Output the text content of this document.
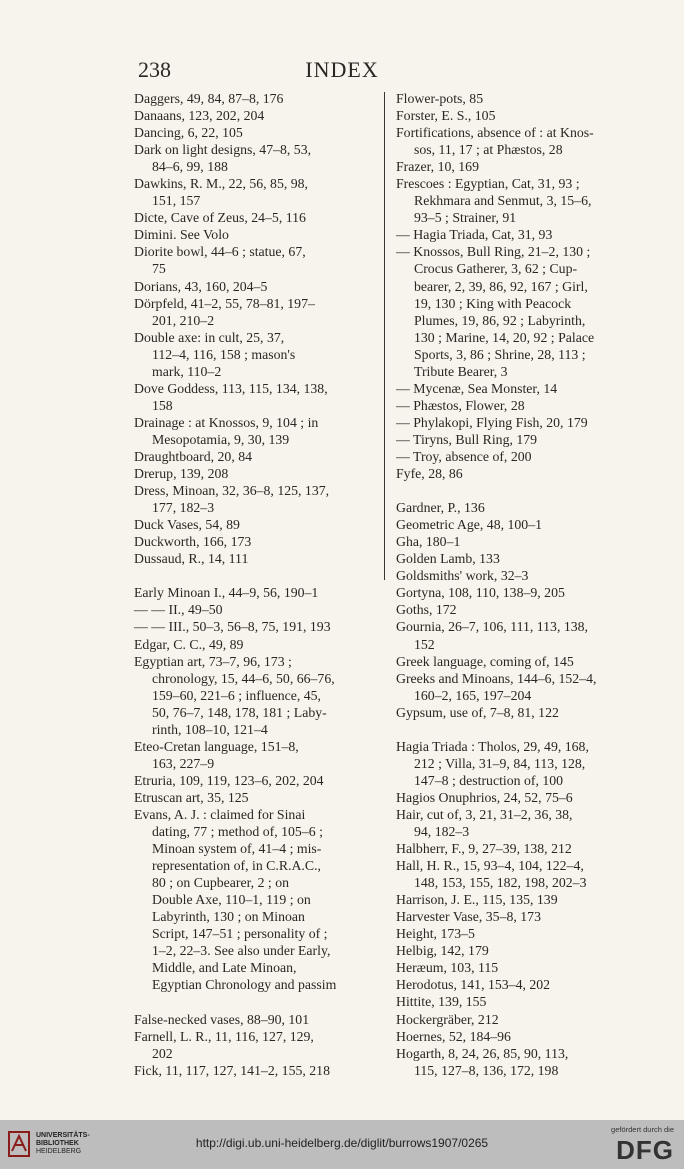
238	INDEX
Daggers, 49, 84, 87–8, 176
Danaans, 123, 202, 204
Dancing, 6, 22, 105
Dark on light designs, 47–8, 53,
84–6, 99, 188
Dawkins, R. M., 22, 56, 85, 98,
151, 157
Dicte, Cave of Zeus, 24–5, 116
Dimini. See Volo
Diorite bowl, 44–6 ; statue, 67,
75
Dorians, 43, 160, 204–5
Dörpfeld, 41–2, 55, 78–81, 197–
201, 210–2
Double axe: in cult, 25, 37,
112–4, 116, 158 ; mason's
mark, 110–2
Dove Goddess, 113, 115, 134, 138,
158
Drainage : at Knossos, 9, 104 ; in
Mesopotamia, 9, 30, 139
Draughtboard, 20, 84
Drerup, 139, 208
Dress, Minoan, 32, 36–8, 125, 137,
177, 182–3
Duck Vases, 54, 89
Duckworth, 166, 173
Dussaud, R., 14, 111
Early Minoan I., 44–9, 56, 190–1
— — II., 49–50
— — III., 50–3, 56–8, 75, 191, 193
Edgar, C. C., 49, 89
Egyptian art, 73–7, 96, 173 ;
chronology, 15, 44–6, 50, 66–76,
159–60, 221–6 ; influence, 45,
50, 76–7, 148, 178, 181 ; Laby-
rinth, 108–10, 121–4
Eteo-Cretan language, 151–8,
163, 227–9
Etruria, 109, 119, 123–6, 202, 204
Etruscan art, 35, 125
Evans, A. J. : claimed for Sinai
dating, 77 ; method of, 105–6 ;
Minoan system of, 41–4 ; mis-
representation of, in C.R.A.C.,
80 ; on Cupbearer, 2 ; on
Double Axe, 110–1, 119 ; on
Labyrinth, 130 ; on Minoan
Script, 147–51 ; personality of ;
1–2, 22–3. See also under Early,
Middle, and Late Minoan,
Egyptian Chronology and passim
False-necked vases, 88–90, 101
Farnell, L. R., 11, 116, 127, 129,
202
Fick, 11, 117, 127, 141–2, 155, 218
Flower-pots, 85
Forster, E. S., 105
Fortifications, absence of : at Knos-
sos, 11, 17 ; at Phæstos, 28
Frazer, 10, 169
Frescoes : Egyptian, Cat, 31, 93 ;
Rekhmara and Senmut, 3, 15–6,
93–5 ; Strainer, 91
— Hagia Triada, Cat, 31, 93
— Knossos, Bull Ring, 21–2, 130 ;
Crocus Gatherer, 3, 62 ; Cup-
bearer, 2, 39, 86, 92, 167 ; Girl,
19, 130 ; King with Peacock
Plumes, 19, 86, 92 ; Labyrinth,
130 ; Marine, 14, 20, 92 ; Palace
Sports, 3, 86 ; Shrine, 28, 113 ;
Tribute Bearer, 3
— Mycenæ, Sea Monster, 14
— Phæstos, Flower, 28
— Phylakopi, Flying Fish, 20, 179
— Tiryns, Bull Ring, 179
— Troy, absence of, 200
Fyfe, 28, 86
Gardner, P., 136
Geometric Age, 48, 100–1
Gha, 180–1
Golden Lamb, 133
Goldsmiths' work, 32–3
Gortyna, 108, 110, 138–9, 205
Goths, 172
Gournia, 26–7, 106, 111, 113, 138,
152
Greek language, coming of, 145
Greeks and Minoans, 144–6, 152–4,
160–2, 165, 197–204
Gypsum, use of, 7–8, 81, 122
Hagia Triada : Tholos, 29, 49, 168,
212 ; Villa, 31–9, 84, 113, 128,
147–8 ; destruction of, 100
Hagios Onuphrios, 24, 52, 75–6
Hair, cut of, 3, 21, 31–2, 36, 38,
94, 182–3
Halbherr, F., 9, 27–39, 138, 212
Hall, H. R., 15, 93–4, 104, 122–4,
148, 153, 155, 182, 198, 202–3
Harrison, J. E., 115, 135, 139
Harvester Vase, 35–8, 173
Height, 173–5
Helbig, 142, 179
Heræum, 103, 115
Herodotus, 141, 153–4, 202
Hittite, 139, 155
Hockergräber, 212
Hoernes, 52, 184–96
Hogarth, 8, 24, 26, 85, 90, 113,
115, 127–8, 136, 172, 198
UNIVERSITÄTS-
BIBLIOTHEK
HEIDELBERG
http://digi.ub.uni-heidelberg.de/diglit/burrows1907/0265
gefördert durch die
DFG
